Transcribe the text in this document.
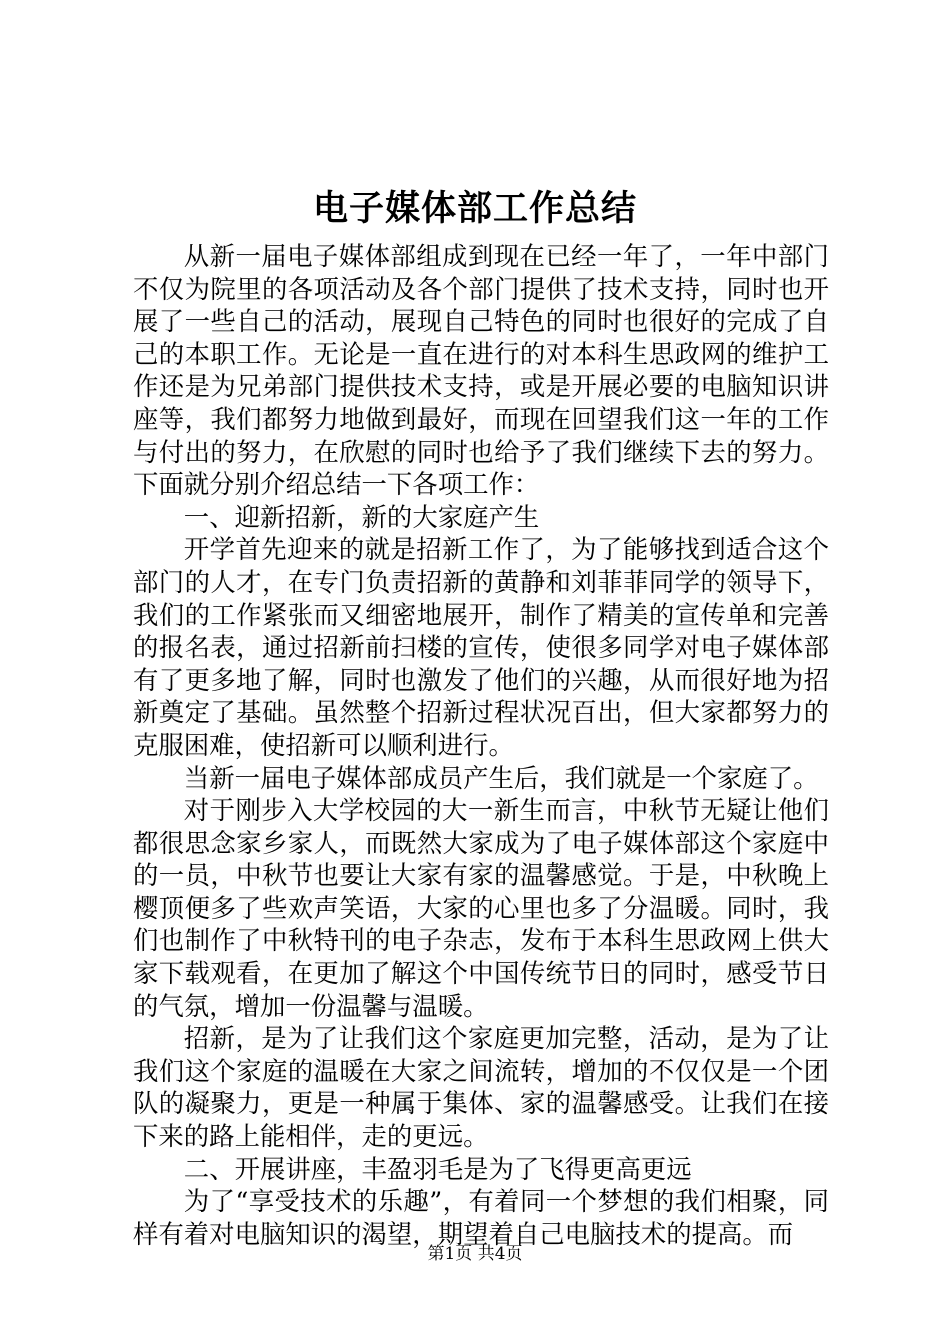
电子媒体部工作总结

从新一届电子媒体部组成到现在已经一年了，一年中部门不仅为院里的各项活动及各个部门提供了技术支持，同时也开展了一些自己的活动，展现自己特色的同时也很好的完成了自己的本职工作。无论是一直在进行的对本科生思政网的维护工作还是为兄弟部门提供技术支持，或是开展必要的电脑知识讲座等，我们都努力地做到最好，而现在回望我们这一年的工作与付出的努力，在欣慰的同时也给予了我们继续下去的努力。下面就分别介绍总结一下各项工作：

一、迎新招新，新的大家庭产生

开学首先迎来的就是招新工作了，为了能够找到适合这个部门的人才，在专门负责招新的黄静和刘菲菲同学的领导下，我们的工作紧张而又细密地展开，制作了精美的宣传单和完善的报名表，通过招新前扫楼的宣传，使很多同学对电子媒体部有了更多地了解，同时也激发了他们的兴趣，从而很好地为招新奠定了基础。虽然整个招新过程状况百出，但大家都努力的克服困难，使招新可以顺利进行。

当新一届电子媒体部成员产生后，我们就是一个家庭了。

对于刚步入大学校园的大一新生而言，中秋节无疑让他们都很思念家乡家人，而既然大家成为了电子媒体部这个家庭中的一员，中秋节也要让大家有家的温馨感觉。于是，中秋晚上樱顶便多了些欢声笑语，大家的心里也多了分温暖。同时，我们也制作了中秋特刊的电子杂志，发布于本科生思政网上供大家下载观看，在更加了解这个中国传统节日的同时，感受节日的气氛，增加一份温馨与温暖。

招新，是为了让我们这个家庭更加完整，活动，是为了让我们这个家庭的温暖在大家之间流转，增加的不仅仅是一个团队的凝聚力，更是一种属于集体、家的温馨感受。让我们在接下来的路上能相伴，走的更远。

二、开展讲座，丰盈羽毛是为了飞得更高更远

为了“享受技术的乐趣”，有着同一个梦想的我们相聚，同样有着对电脑知识的渴望，期望着自己电脑技术的提高。而

第1页 共4页
